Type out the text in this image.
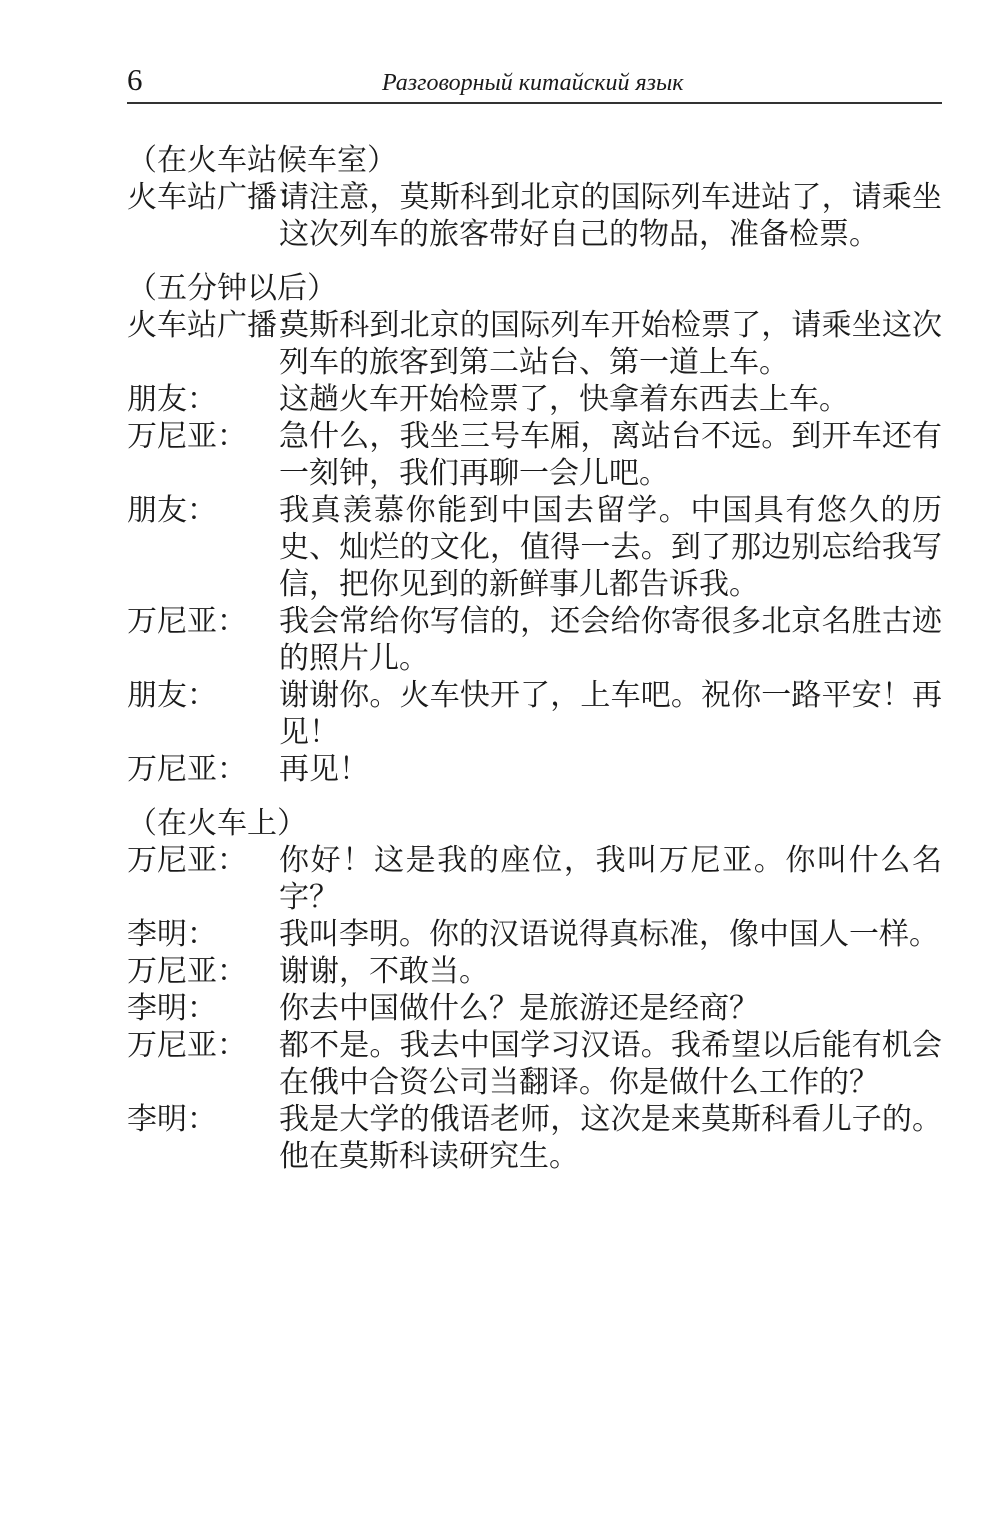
6	Разговорный китайский язык
（在火车站候车室）
火车站广播：
请注意，莫斯科到北京的国际列车进站了，请乘坐这次列车的旅客带好自己的物品，准备检票。
（五分钟以后）
火车站广播：
莫斯科到北京的国际列车开始检票了，请乘坐这次列车的旅客到第二站台、第一道上车。
朋友：	这趟火车开始检票了，快拿着东西去上车。
万尼亚：	急什么，我坐三号车厢，离站台不远。到开车还有一刻钟，我们再聊一会儿吧。
朋友：	我真羡慕你能到中国去留学。中国具有悠久的历史、灿烂的文化，值得一去。到了那边别忘给我写信，把你见到的新鲜事儿都告诉我。
万尼亚：	我会常给你写信的，还会给你寄很多北京名胜古迹的照片儿。
朋友：	谢谢你。火车快开了，上车吧。祝你一路平安！再见！
万尼亚：	再见！
（在火车上）
万尼亚：	你好！这是我的座位，我叫万尼亚。你叫什么名字？
李明：	我叫李明。你的汉语说得真标准，像中国人一样。
万尼亚：	谢谢，不敢当。
李明：	你去中国做什么？是旅游还是经商？
万尼亚：	都不是。我去中国学习汉语。我希望以后能有机会在俄中合资公司当翻译。你是做什么工作的？
李明：	我是大学的俄语老师，这次是来莫斯科看儿子的。他在莫斯科读研究生。
